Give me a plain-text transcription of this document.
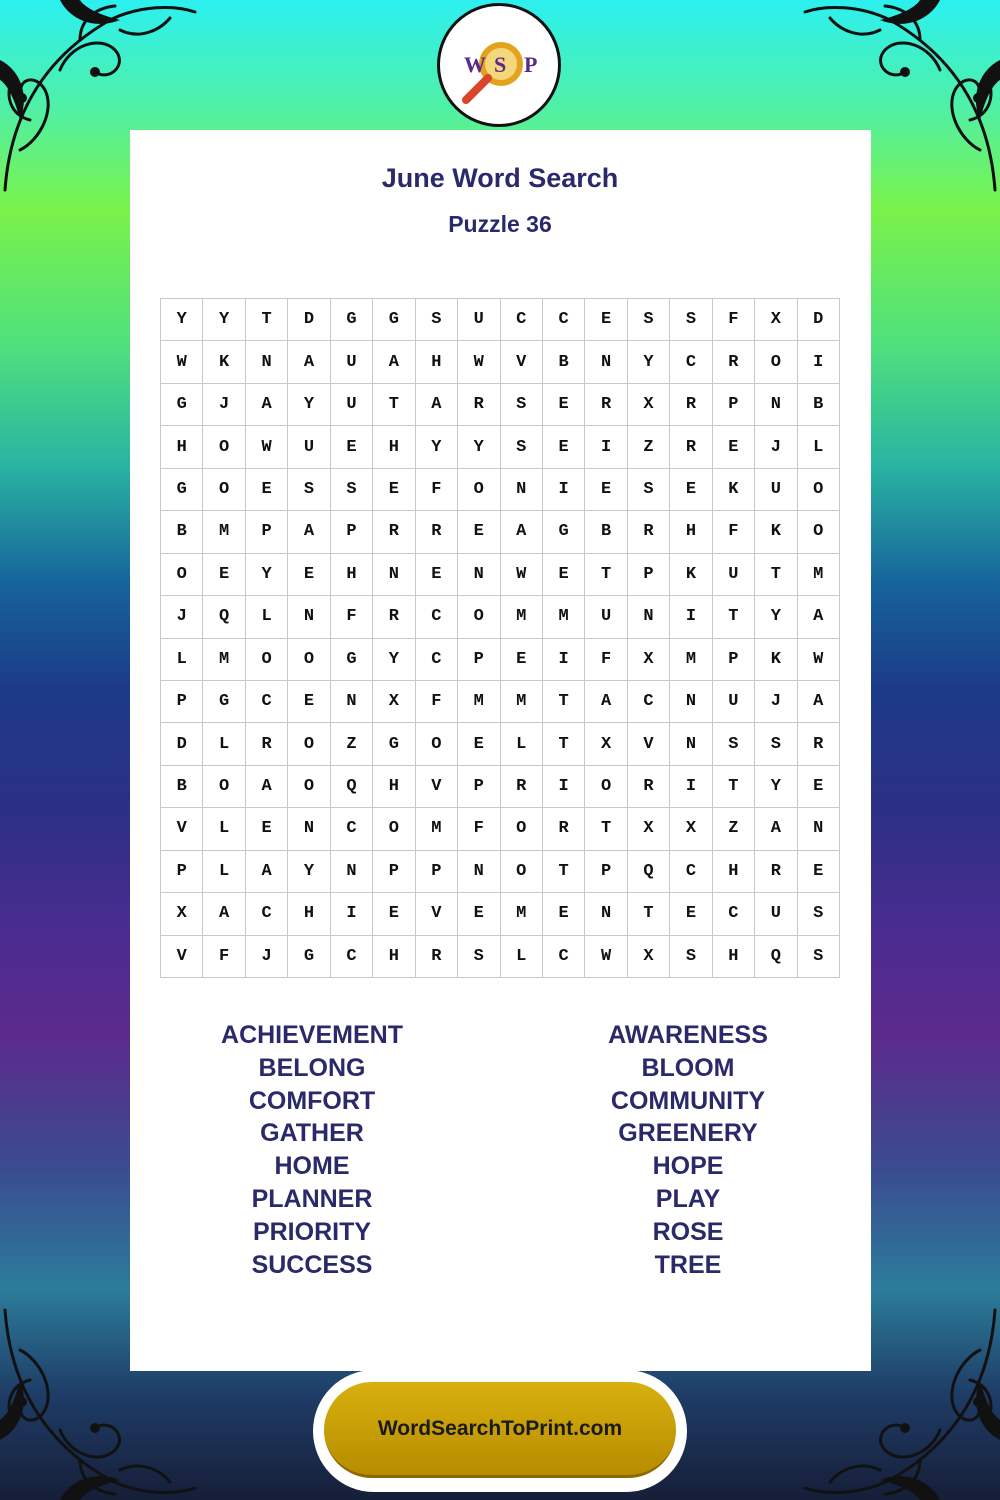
W S P
June Word Search
Puzzle 36
Y	Y	T	D	G	G	S	U	C	C	E	S	S	F	X	D
W	K	N	A	U	A	H	W	V	B	N	Y	C	R	O	I
G	J	A	Y	U	T	A	R	S	E	R	X	R	P	N	B
H	O	W	U	E	H	Y	Y	S	E	I	Z	R	E	J	L
G	O	E	S	S	E	F	O	N	I	E	S	E	K	U	O
B	M	P	A	P	R	R	E	A	G	B	R	H	F	K	O
O	E	Y	E	H	N	E	N	W	E	T	P	K	U	T	M
J	Q	L	N	F	R	C	O	M	M	U	N	I	T	Y	A
L	M	O	O	G	Y	C	P	E	I	F	X	M	P	K	W
P	G	C	E	N	X	F	M	M	T	A	C	N	U	J	A
D	L	R	O	Z	G	O	E	L	T	X	V	N	S	S	R
B	O	A	O	Q	H	V	P	R	I	O	R	I	T	Y	E
V	L	E	N	C	O	M	F	O	R	T	X	X	Z	A	N
P	L	A	Y	N	P	P	N	O	T	P	Q	C	H	R	E
X	A	C	H	I	E	V	E	M	E	N	T	E	C	U	S
V	F	J	G	C	H	R	S	L	C	W	X	S	H	Q	S
ACHIEVEMENT
BELONG
COMFORT
GATHER
HOME
PLANNER
PRIORITY
SUCCESS
AWARENESS
BLOOM
COMMUNITY
GREENERY
HOPE
PLAY
ROSE
TREE
WordSearchToPrint.com
